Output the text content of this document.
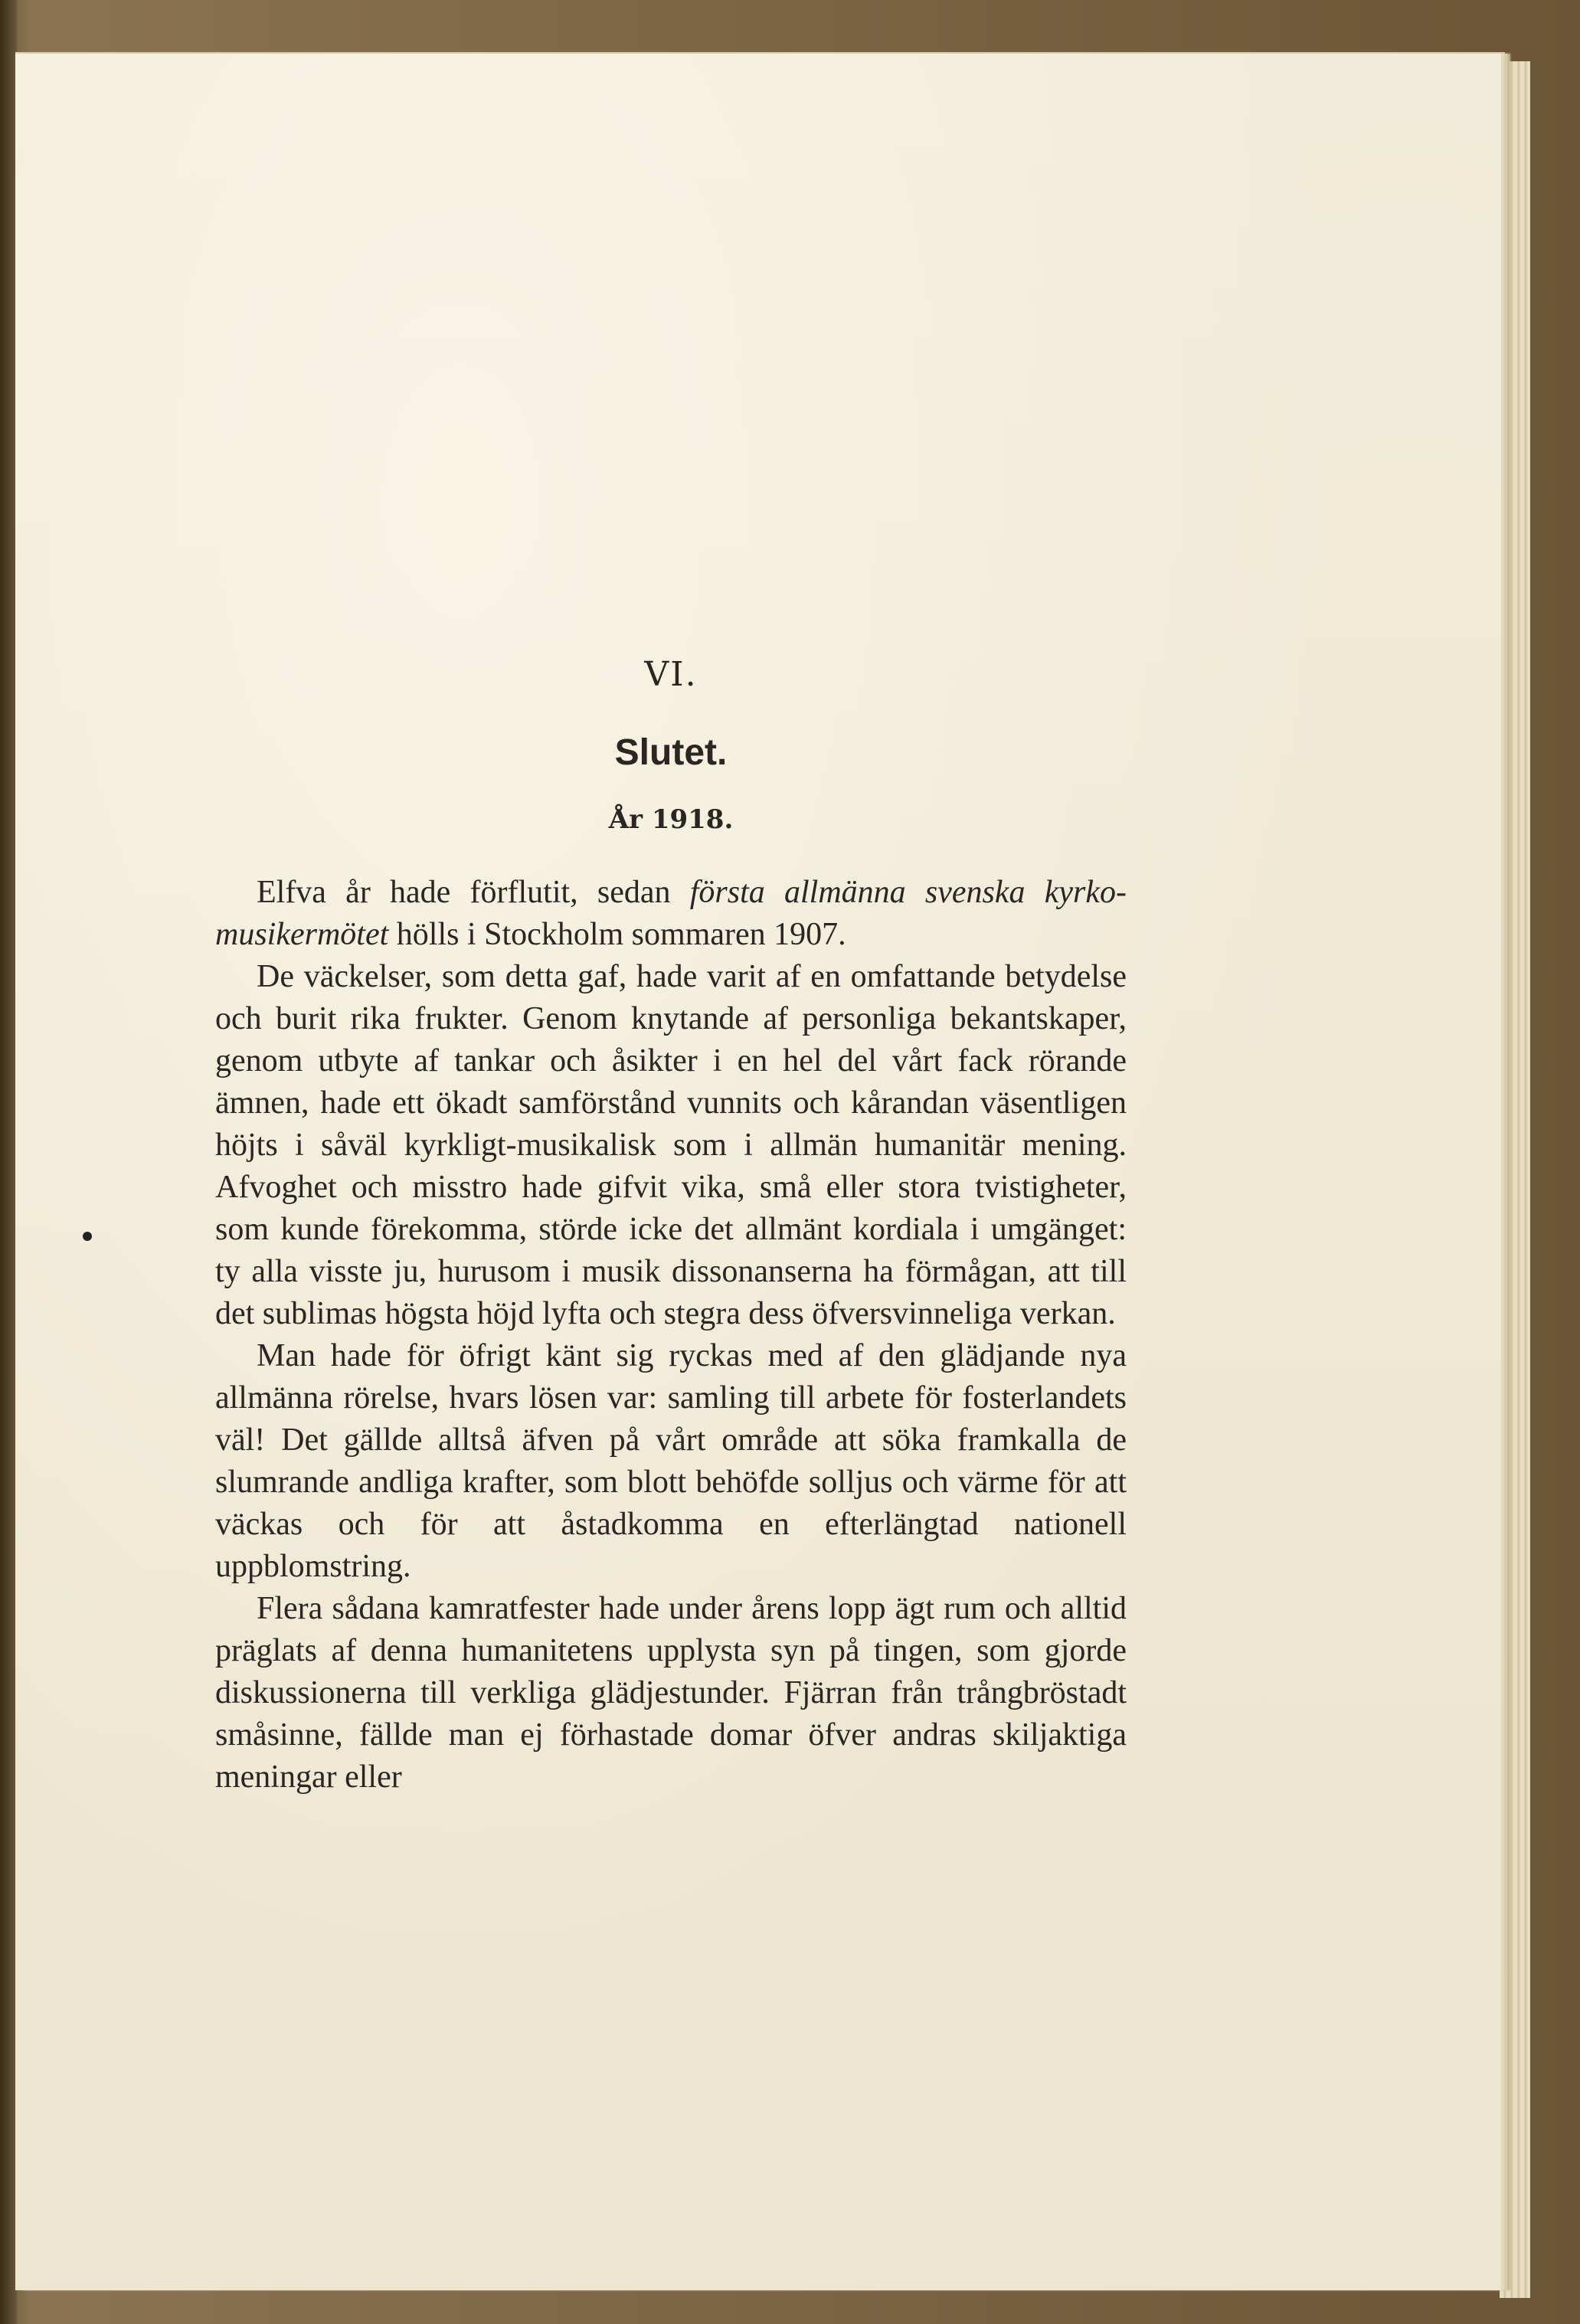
VI.
Slutet.
År 1918.

Elfva år hade förflutit, sedan första allmänna svenska kyrko-musikermötet hölls i Stockholm sommaren 1907.

De väckelser, som detta gaf, hade varit af en omfattande betydelse och burit rika frukter. Genom knytande af personliga bekantskaper, genom utbyte af tankar och åsikter i en hel del vårt fack rörande ämnen, hade ett ökadt samförstånd vunnits och kårandan väsentligen höjts i såväl kyrkligt-musikalisk som i allmän humanitär mening. Afvoghet och misstro hade gifvit vika, små eller stora tvistigheter, som kunde förekomma, störde icke det allmänt kordiala i umgänget: ty alla visste ju, hurusom i musik dissonanserna ha förmågan, att till det sublimas högsta höjd lyfta och stegra dess öfversvinneliga verkan.

Man hade för öfrigt känt sig ryckas med af den glädjande nya allmänna rörelse, hvars lösen var: samling till arbete för fosterlandets väl! Det gällde alltså äfven på vårt område att söka framkalla de slumrande andliga krafter, som blott behöfde solljus och värme för att väckas och för att åstadkomma en efterlängtad nationell uppblomstring.

Flera sådana kamratfester hade under årens lopp ägt rum och alltid präglats af denna humanitetens upplysta syn på tingen, som gjorde diskussionerna till verkliga glädjestunder. Fjärran från trångbröstadt småsinne, fällde man ej förhastade domar öfver andras skiljaktiga meningar eller
